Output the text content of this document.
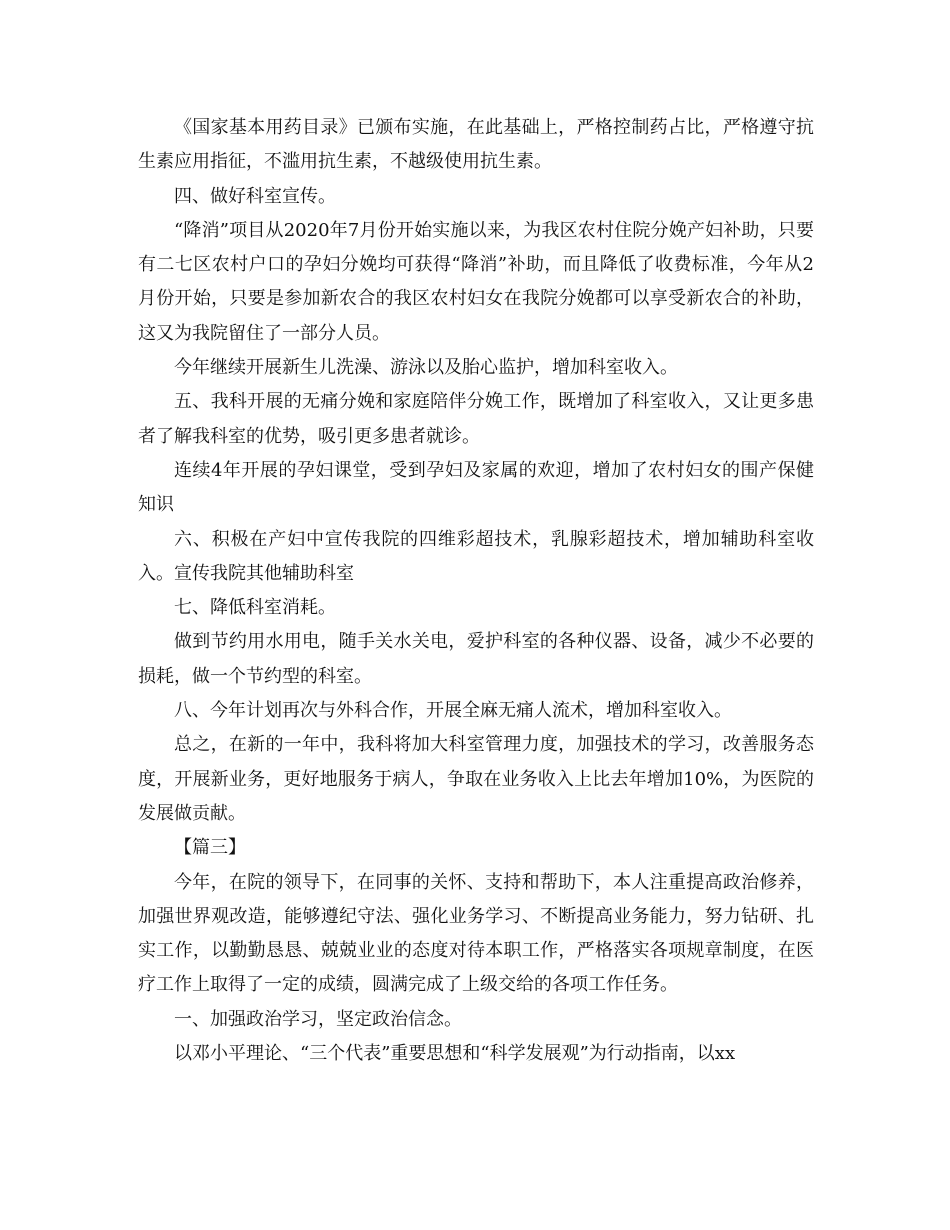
《国家基本用药目录》已颁布实施，在此基础上，严格控制药占比，严格遵守抗生素应用指征，不滥用抗生素，不越级使用抗生素。

四、做好科室宣传。

“降消”项目从2020年7月份开始实施以来，为我区农村住院分娩产妇补助，只要有二七区农村户口的孕妇分娩均可获得“降消”补助，而且降低了收费标准，今年从2月份开始，只要是参加新农合的我区农村妇女在我院分娩都可以享受新农合的补助，这又为我院留住了一部分人员。

今年继续开展新生儿洗澡、游泳以及胎心监护，增加科室收入。

五、我科开展的无痛分娩和家庭陪伴分娩工作，既增加了科室收入，又让更多患者了解我科室的优势，吸引更多患者就诊。

连续4年开展的孕妇课堂，受到孕妇及家属的欢迎，增加了农村妇女的围产保健知识

六、积极在产妇中宣传我院的四维彩超技术，乳腺彩超技术，增加辅助科室收入。宣传我院其他辅助科室

七、降低科室消耗。

做到节约用水用电，随手关水关电，爱护科室的各种仪器、设备，减少不必要的损耗，做一个节约型的科室。

八、今年计划再次与外科合作，开展全麻无痛人流术，增加科室收入。

总之，在新的一年中，我科将加大科室管理力度，加强技术的学习，改善服务态度，开展新业务，更好地服务于病人，争取在业务收入上比去年增加10%，为医院的发展做贡献。

【篇三】

今年，在院的领导下，在同事的关怀、支持和帮助下，本人注重提高政治修养，加强世界观改造，能够遵纪守法、强化业务学习、不断提高业务能力，努力钻研、扎实工作，以勤勤恳恳、兢兢业业的态度对待本职工作，严格落实各项规章制度，在医疗工作上取得了一定的成绩，圆满完成了上级交给的各项工作任务。

一、加强政治学习，坚定政治信念。

以邓小平理论、“三个代表”重要思想和“科学发展观”为行动指南，以xx
